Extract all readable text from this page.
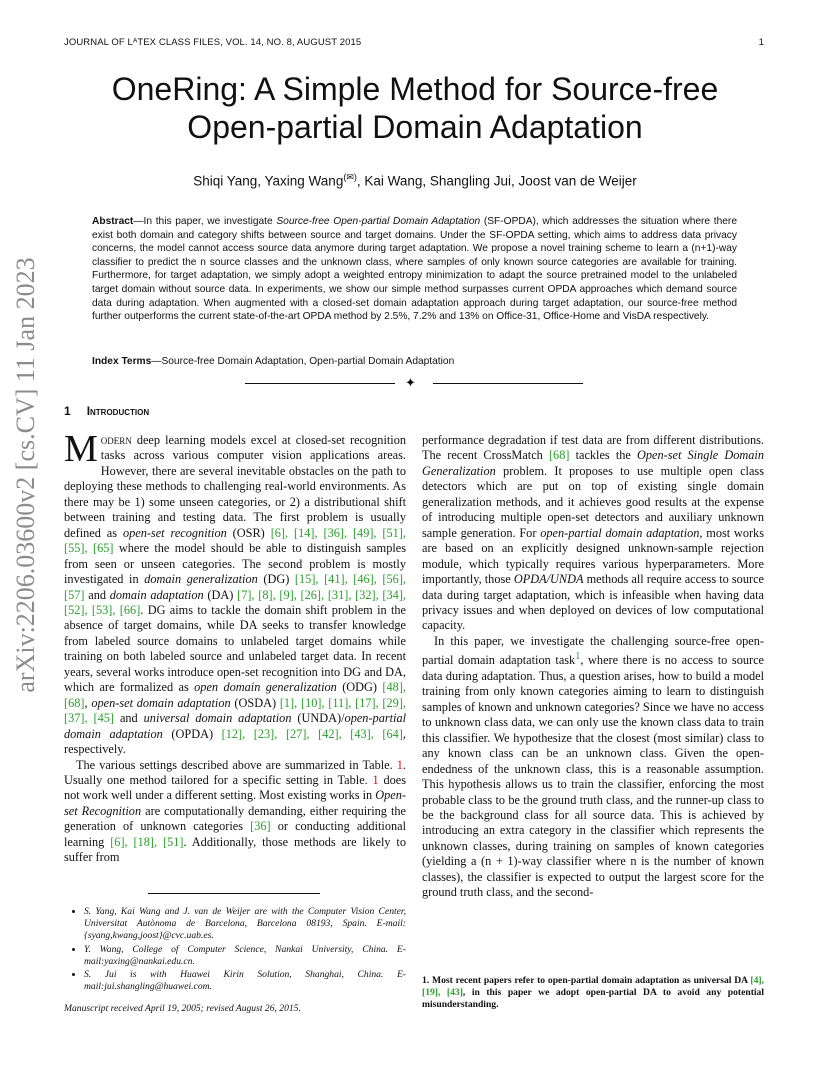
JOURNAL OF LᴬTEX CLASS FILES, VOL. 14, NO. 8, AUGUST 2015	1
arXiv:2206.03600v2 [cs.CV] 11 Jan 2023
OneRing: A Simple Method for Source-free
Open-partial Domain Adaptation
Shiqi Yang, Yaxing Wang(✉), Kai Wang, Shangling Jui, Joost van de Weijer
Abstract—In this paper, we investigate Source-free Open-partial Domain Adaptation (SF-OPDA), which addresses the situation where there exist both domain and category shifts between source and target domains. Under the SF-OPDA setting, which aims to address data privacy concerns, the model cannot access source data anymore during target adaptation. We propose a novel training scheme to learn a (n+1)-way classifier to predict the n source classes and the unknown class, where samples of only known source categories are available for training. Furthermore, for target adaptation, we simply adopt a weighted entropy minimization to adapt the source pretrained model to the unlabeled target domain without source data. In experiments, we show our simple method surpasses current OPDA approaches which demand source data during adaptation. When augmented with a closed-set domain adaptation approach during target adaptation, our source-free method further outperforms the current state-of-the-art OPDA method by 2.5%, 7.2% and 13% on Office-31, Office-Home and VisDA respectively.
Index Terms—Source-free Domain Adaptation, Open-partial Domain Adaptation
✦
1 Introduction

Modern deep learning models excel at closed-set recognition tasks across various computer vision applications areas. However, there are several inevitable obstacles on the path to deploying these methods to challenging real-world environments. As there may be 1) some unseen categories, or 2) a distributional shift between training and testing data. The first problem is usually defined as open-set recognition (OSR) [6], [14], [36], [49], [51], [55], [65] where the model should be able to distinguish samples from seen or unseen categories. The second problem is mostly investigated in domain generalization (DG) [15], [41], [46], [56], [57] and domain adaptation (DA) [7], [8], [9], [26], [31], [32], [34], [52], [53], [66]. DG aims to tackle the domain shift problem in the absence of target domains, while DA seeks to transfer knowledge from labeled source domains to unlabeled target domains while training on both labeled source and unlabeled target data. In recent years, several works introduce open-set recognition into DG and DA, which are formalized as open domain generalization (ODG) [48], [68], open-set domain adaptation (OSDA) [1], [10], [11], [17], [29], [37], [45] and universal domain adaptation (UNDA)/open-partial domain adaptation (OPDA) [12], [23], [27], [42], [43], [64], respectively.

The various settings described above are summarized in Table. 1. Usually one method tailored for a specific setting in Table. 1 does not work well under a different setting. Most existing works in Open-set Recognition are computationally demanding, either requiring the generation of unknown categories [36] or conducting additional learning [6], [18], [51]. Additionally, those methods are likely to suffer from

• S. Yang, Kai Wang and J. van de Weijer are with the Computer Vision Center, Universitat Autònoma de Barcelona, Barcelona 08193, Spain. E-mail: {syang,kwang,joost}@cvc.uab.es.
• Y. Wang, College of Computer Science, Nankai University, China. E-mail:yaxing@nankai.edu.cn.
• S. Jui is with Huawei Kirin Solution, Shanghai, China. E-mail:jui.shangling@huawei.com.
Manuscript received April 19, 2005; revised August 26, 2015.

performance degradation if test data are from different distributions. The recent CrossMatch [68] tackles the Open-set Single Domain Generalization problem. It proposes to use multiple open class detectors which are put on top of existing single domain generalization methods, and it achieves good results at the expense of introducing multiple open-set detectors and auxiliary unknown sample generation. For open-partial domain adaptation, most works are based on an explicitly designed unknown-sample rejection module, which typically requires various hyperparameters. More importantly, those OPDA/UNDA methods all require access to source data during target adaptation, which is infeasible when having data privacy issues and when deployed on devices of low computational capacity.

In this paper, we investigate the challenging source-free open-partial domain adaptation task$^1$, where there is no access to source data during adaptation. Thus, a question arises, how to build a model training from only known categories aiming to learn to distinguish samples of known and unknown categories? Since we have no access to unknown class data, we can only use the known class data to train this classifier. We hypothesize that the closest (most similar) class to any known class can be an unknown class. Given the open-endedness of the unknown class, this is a reasonable assumption. This hypothesis allows us to train the classifier, enforcing the most probable class to be the ground truth class, and the runner-up class to be the background class for all source data. This is achieved by introducing an extra category in the classifier which represents the unknown classes, during training on samples of known categories (yielding a (n + 1)-way classifier where n is the number of known classes), the classifier is expected to output the largest score for the ground truth class, and the second-

1. Most recent papers refer to open-partial domain adaptation as universal DA [4], [19], [43], in this paper we adopt open-partial DA to avoid any potential misunderstanding.
